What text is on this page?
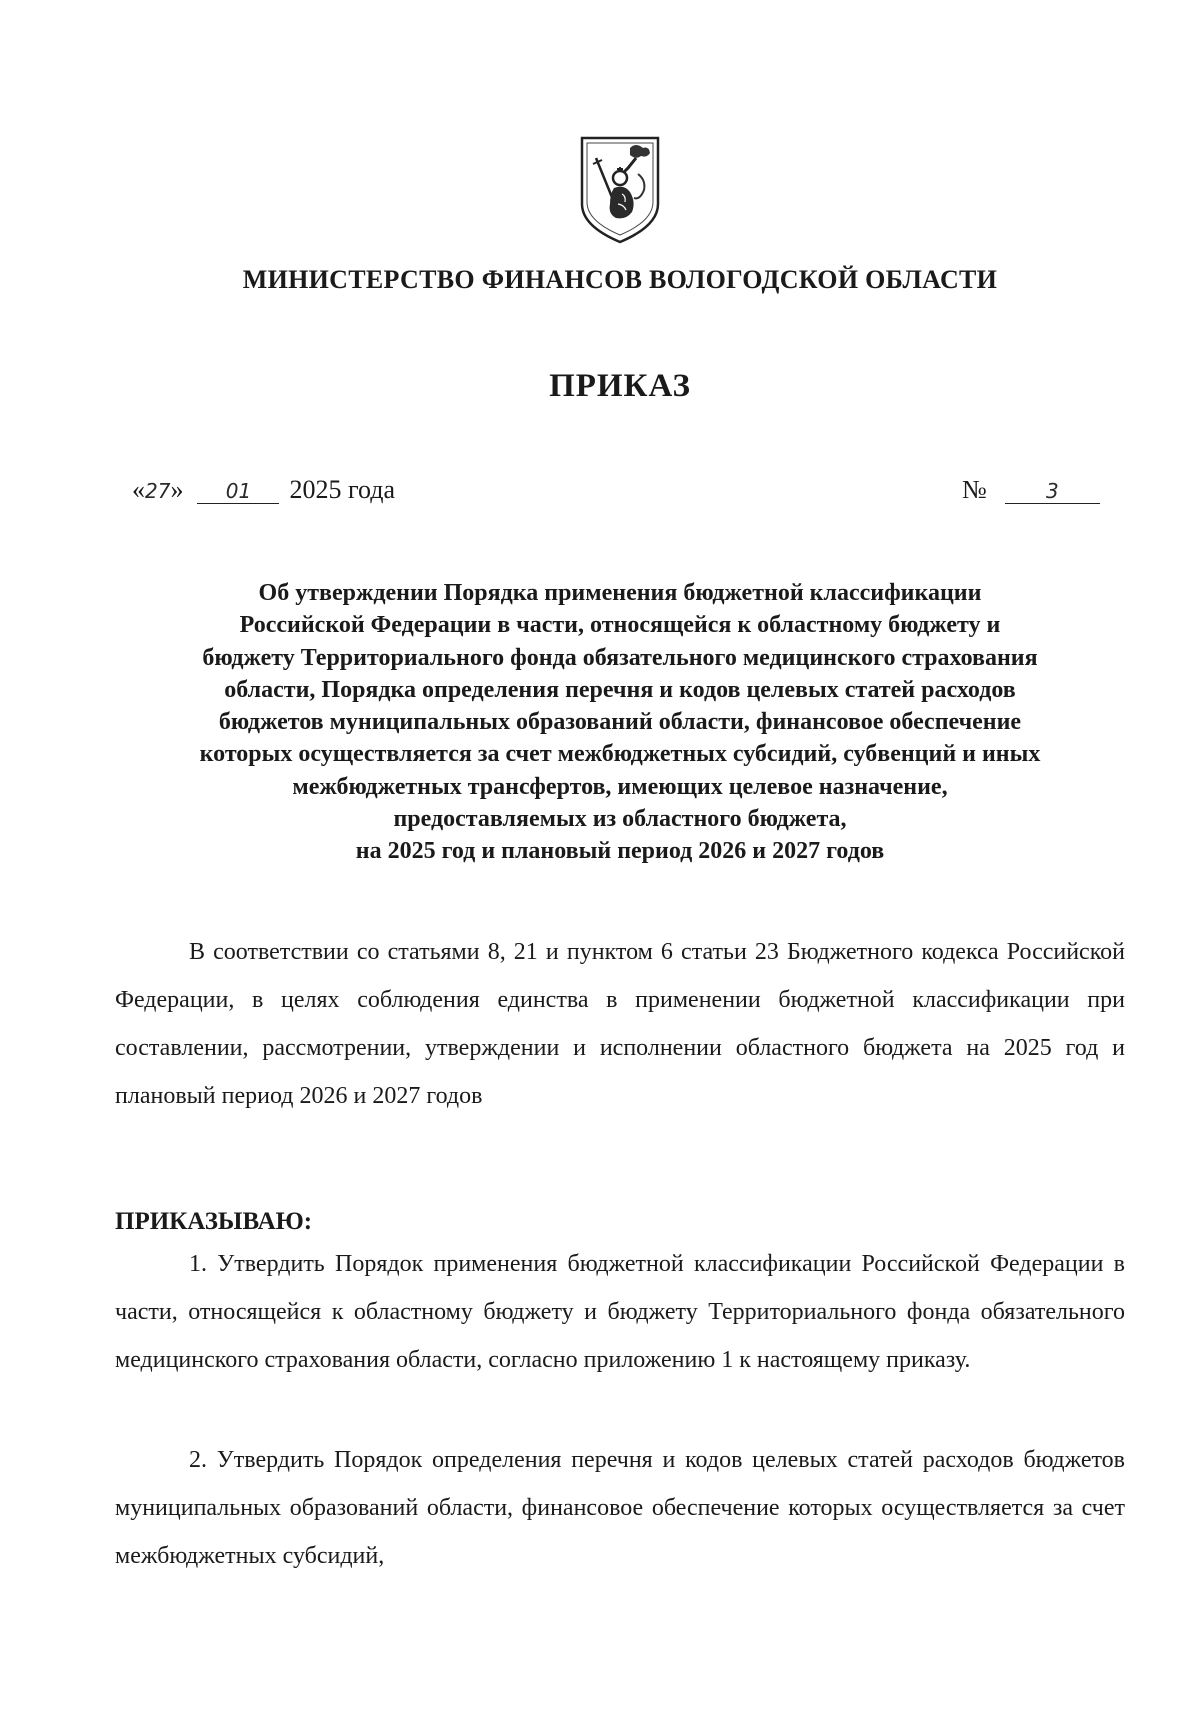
МИНИСТЕРСТВО ФИНАНСОВ ВОЛОГОДСКОЙ ОБЛАСТИ
ПРИКАЗ
«27» 01 2025 года	№	3
Об утверждении Порядка применения бюджетной классификации
Российской Федерации в части, относящейся к областному бюджету и
бюджету Территориального фонда обязательного медицинского страхования
области, Порядка определения перечня и кодов целевых статей расходов
бюджетов муниципальных образований области, финансовое обеспечение
которых осуществляется за счет межбюджетных субсидий, субвенций и иных
межбюджетных трансфертов, имеющих целевое назначение,
предоставляемых из областного бюджета,
на 2025 год и плановый период 2026 и 2027 годов
В соответствии со статьями 8, 21 и пунктом 6 статьи 23 Бюджетного кодекса Российской Федерации, в целях соблюдения единства в применении бюджетной классификации при составлении, рассмотрении, утверждении и исполнении областного бюджета на 2025 год и плановый период 2026 и 2027 годов
ПРИКАЗЫВАЮ:
1. Утвердить Порядок применения бюджетной классификации Российской Федерации в части, относящейся к областному бюджету и бюджету Территориального фонда обязательного медицинского страхования области, согласно приложению 1 к настоящему приказу.
2. Утвердить Порядок определения перечня и кодов целевых статей расходов бюджетов муниципальных образований области, финансовое обеспечение которых осуществляется за счет межбюджетных субсидий,
